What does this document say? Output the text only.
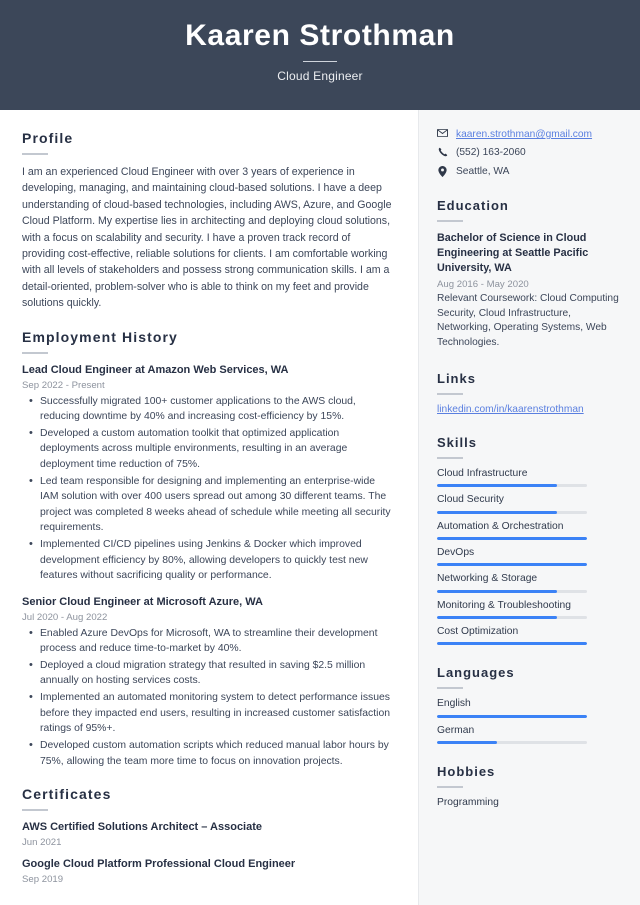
Kaaren Strothman
Cloud Engineer
Profile
I am an experienced Cloud Engineer with over 3 years of experience in developing, managing, and maintaining cloud-based solutions. I have a deep understanding of cloud-based technologies, including AWS, Azure, and Google Cloud Platform. My expertise lies in architecting and deploying cloud solutions, with a focus on scalability and security. I have a proven track record of providing cost-effective, reliable solutions for clients. I am comfortable working with all levels of stakeholders and possess strong communication skills. I am a detail-oriented, problem-solver who is able to think on my feet and provide solutions quickly.
Employment History
Lead Cloud Engineer at Amazon Web Services, WA
Sep 2022 - Present
• Successfully migrated 100+ customer applications to the AWS cloud, reducing downtime by 40% and increasing cost-efficiency by 15%.
• Developed a custom automation toolkit that optimized application deployments across multiple environments, resulting in an average deployment time reduction of 75%.
• Led team responsible for designing and implementing an enterprise-wide IAM solution with over 400 users spread out among 30 different teams. The project was completed 8 weeks ahead of schedule while meeting all security requirements.
• Implemented CI/CD pipelines using Jenkins & Docker which improved development efficiency by 80%, allowing developers to quickly test new features without sacrificing quality or performance.
Senior Cloud Engineer at Microsoft Azure, WA
Jul 2020 - Aug 2022
• Enabled Azure DevOps for Microsoft, WA to streamline their development process and reduce time-to-market by 40%.
• Deployed a cloud migration strategy that resulted in saving $2.5 million annually on hosting services costs.
• Implemented an automated monitoring system to detect performance issues before they impacted end users, resulting in increased customer satisfaction ratings of 95%+.
• Developed custom automation scripts which reduced manual labor hours by 75%, allowing the team more time to focus on innovation projects.
Certificates
AWS Certified Solutions Architect – Associate
Jun 2021
Google Cloud Platform Professional Cloud Engineer
Sep 2019
kaaren.strothman@gmail.com
(552) 163-2060
Seattle, WA
Education
Bachelor of Science in Cloud Engineering at Seattle Pacific University, WA
Aug 2016 - May 2020
Relevant Coursework: Cloud Computing Security, Cloud Infrastructure, Networking, Operating Systems, Web Technologies.
Links
linkedin.com/in/kaarenstrothman
Skills
Cloud Infrastructure
Cloud Security
Automation & Orchestration
DevOps
Networking & Storage
Monitoring & Troubleshooting
Cost Optimization
Languages
English
German
Hobbies
Programming
